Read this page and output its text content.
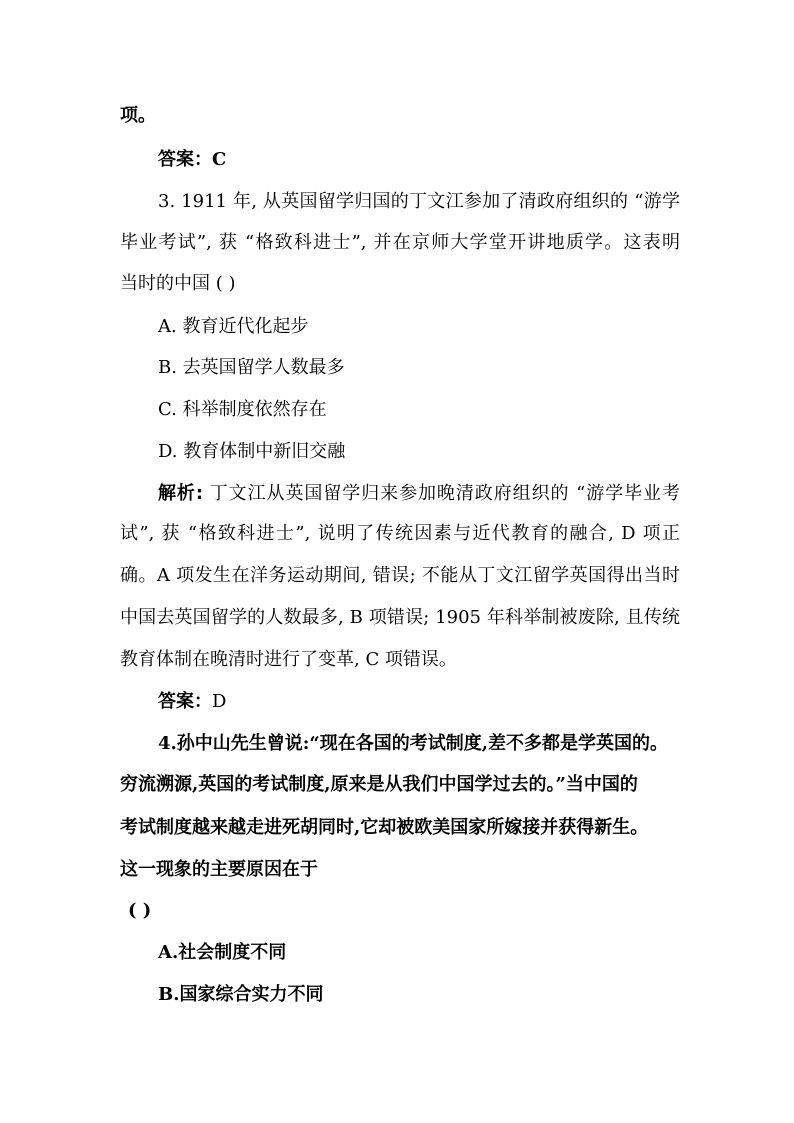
项。
答案：C
3. 1911 年, 从英国留学归国的丁文江参加了清政府组织的 “游学
毕业考试”, 获 “格致科进士”, 并在京师大学堂开讲地质学。这表明
当时的中国 ( )
A. 教育近代化起步
B. 去英国留学人数最多
C. 科举制度依然存在
D. 教育体制中新旧交融
解析: 丁文江从英国留学归来参加晚清政府组织的 “游学毕业考
试”, 获 “格致科进士”, 说明了传统因素与近代教育的融合, D 项正
确。A 项发生在洋务运动期间, 错误; 不能从丁文江留学英国得出当时
中国去英国留学的人数最多, B 项错误; 1905 年科举制被废除, 且传统
教育体制在晚清时进行了变革, C 项错误。
答案：D
4.孙中山先生曾说:“现在各国的考试制度,差不多都是学英国的。
穷流溯源,英国的考试制度,原来是从我们中国学过去的。”当中国的
考试制度越来越走进死胡同时,它却被欧美国家所嫁接并获得新生。
这一现象的主要原因在于
( )
A.社会制度不同
B.国家综合实力不同
